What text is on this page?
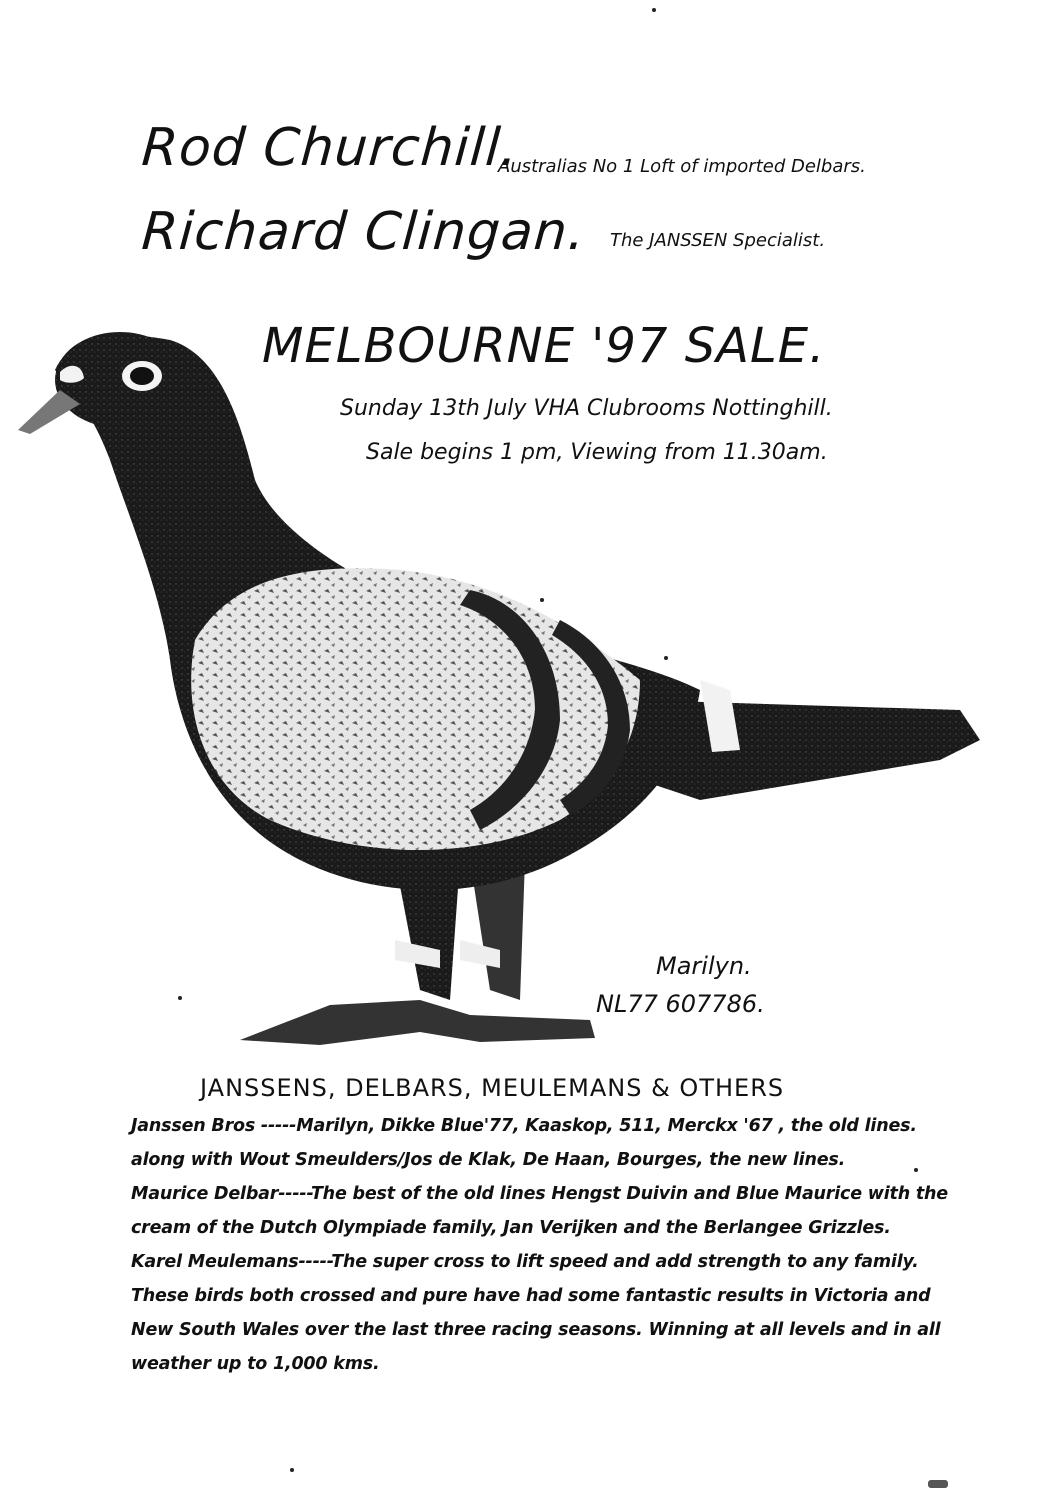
Rod Churchill.
Australias No 1 Loft of imported Delbars.
Richard Clingan. The JANSSEN Specialist.
MELBOURNE '97 SALE.
Sunday 13th July VHA Clubrooms Nottinghill.
Sale begins 1 pm, Viewing from 11.30am.
Marilyn.
NL77 607786.
JANSSENS, DELBARS, MEULEMANS & OTHERS
Janssen Bros -----Marilyn, Dikke Blue'77, Kaaskop, 511, Merckx '67 , the old lines.
along with Wout Smeulders/Jos de Klak, De Haan, Bourges, the new lines.
Maurice Delbar-----The best of the old lines Hengst Duivin and Blue Maurice with the
cream of the Dutch Olympiade family, Jan Verijken and the Berlangee Grizzles.
Karel Meulemans-----The super cross to lift speed and add strength to any family.
These birds both crossed and pure have had some fantastic results in Victoria and
New South Wales over the last three racing seasons. Winning at all levels and in all
weather up to 1,000 kms.
